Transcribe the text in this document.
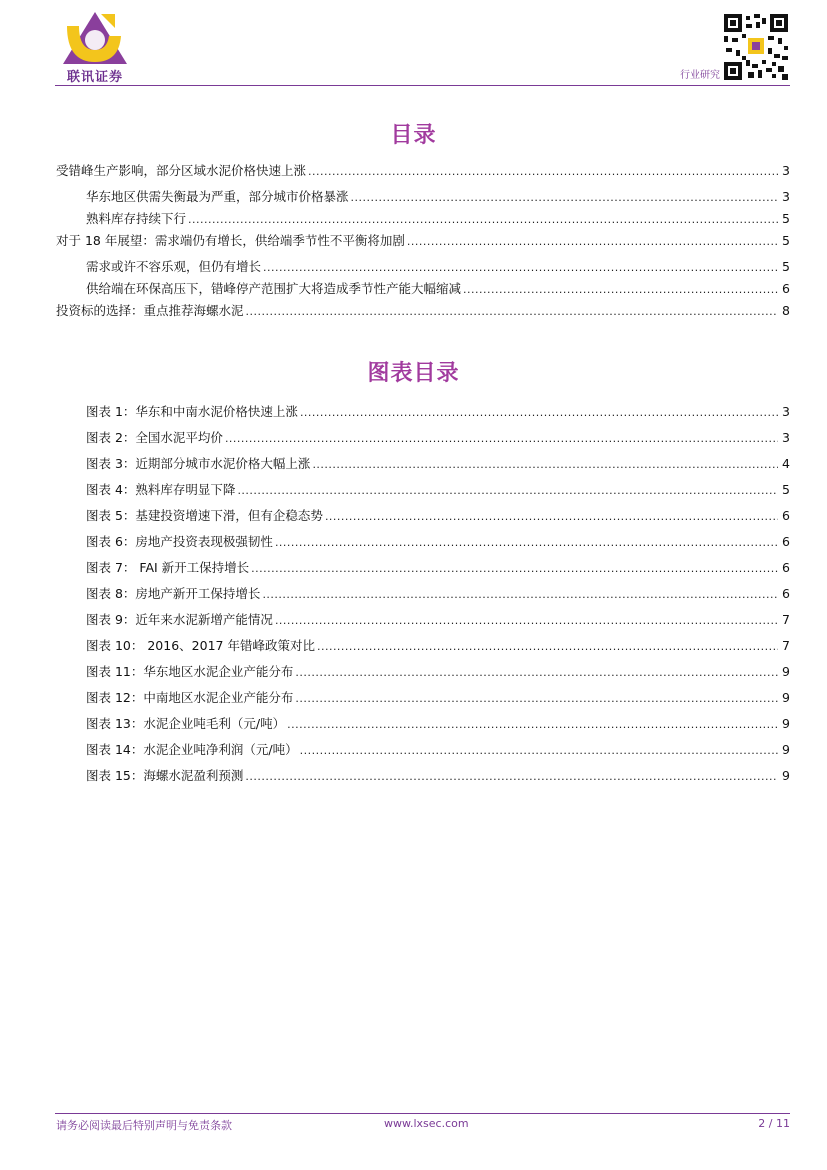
联讯证券	行业研究
目录
受错峰生产影响，部分区域水泥价格快速上涨 .....	3
华东地区供需失衡最为严重，部分城市价格暴涨 .....	3
熟料库存持续下行 .....	5
对于 18 年展望：需求端仍有增长，供给端季节性不平衡将加剧 .....	5
需求或许不容乐观，但仍有增长 .....	5
供给端在环保高压下，错峰停产范围扩大将造成季节性产能大幅缩减 .....	6
投资标的选择：重点推荐海螺水泥 .....	8
图表目录
图表 1：华东和中南水泥价格快速上涨 .....	3
图表 2：全国水泥平均价 .....	3
图表 3：近期部分城市水泥价格大幅上涨 .....	4
图表 4：熟料库存明显下降 .....	5
图表 5：基建投资增速下滑，但有企稳态势 .....	6
图表 6：房地产投资表现极强韧性 .....	6
图表 7： FAI 新开工保持增长 .....	6
图表 8：房地产新开工保持增长 .....	6
图表 9：近年来水泥新增产能情况 .....	7
图表 10： 2016、2017 年错峰政策对比 .....	7
图表 11：华东地区水泥企业产能分布 .....	9
图表 12：中南地区水泥企业产能分布 .....	9
图表 13：水泥企业吨毛利（元/吨） .....	9
图表 14：水泥企业吨净利润（元/吨） .....	9
图表 15：海螺水泥盈利预测 .....	9
请务必阅读最后特别声明与免责条款	www.lxsec.com	2 / 11
